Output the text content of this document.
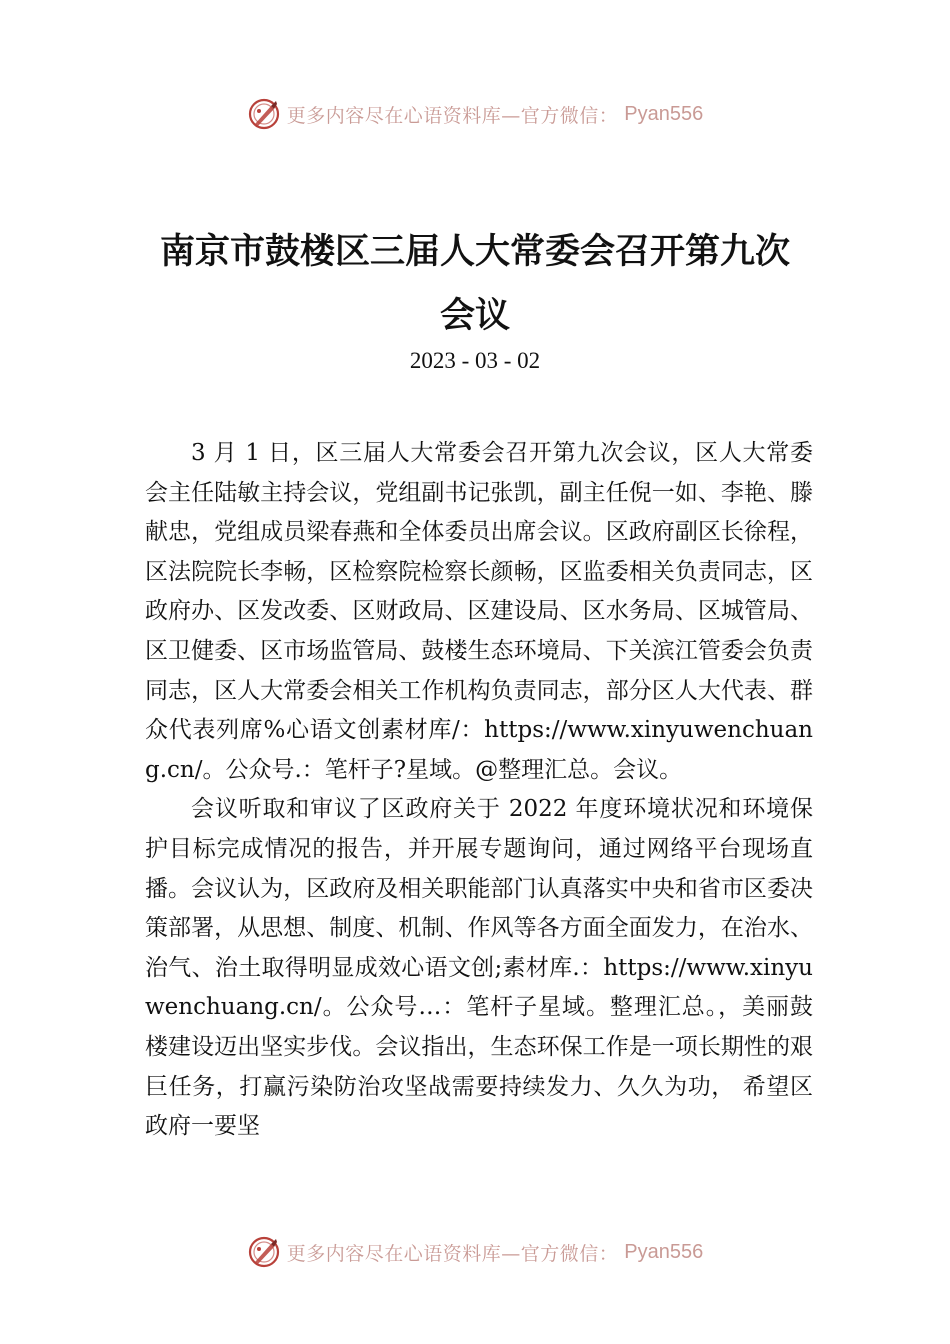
更多内容尽在心语资料库—官方微信： Pyan556
南京市鼓楼区三届人大常委会召开第九次会议
2023 - 03 - 02

3 月 1 日，区三届人大常委会召开第九次会议，区人大常委会主任陆敏主持会议，党组副书记张凯，副主任倪一如、李艳、滕献忠，党组成员梁春燕和全体委员出席会议。区政府副区长徐程，区法院院长李畅，区检察院检察长颜畅，区监委相关负责同志，区政府办、区发改委、区财政局、区建设局、区水务局、区城管局、区卫健委、区市场监管局、鼓楼生态环境局、下关滨江管委会负责同志，区人大常委会相关工作机构负责同志，部分区人大代表、群众代表列席%心语文创素材库/：https://www.xinyuwenchuang.cn/。公众号.：笔杆子?星域。@整理汇总。会议。

会议听取和审议了区政府关于 2022 年度环境状况和环境保护目标完成情况的报告，并开展专题询问，通过网络平台现场直播。会议认为，区政府及相关职能部门认真落实中央和省市区委决策部署，从思想、制度、机制、作风等各方面全面发力，在治水、治气、治土取得明显成效心语文创;素材库.：https://www.xinyuwenchuang.cn/。公众号…：笔杆子星域。整理汇总。，美丽鼓楼建设迈出坚实步伐。会议指出，生态环保工作是一项长期性的艰巨任务，打赢污染防治攻坚战需要持续发力、久久为功， 希望区政府一要坚

更多内容尽在心语资料库—官方微信： Pyan556
